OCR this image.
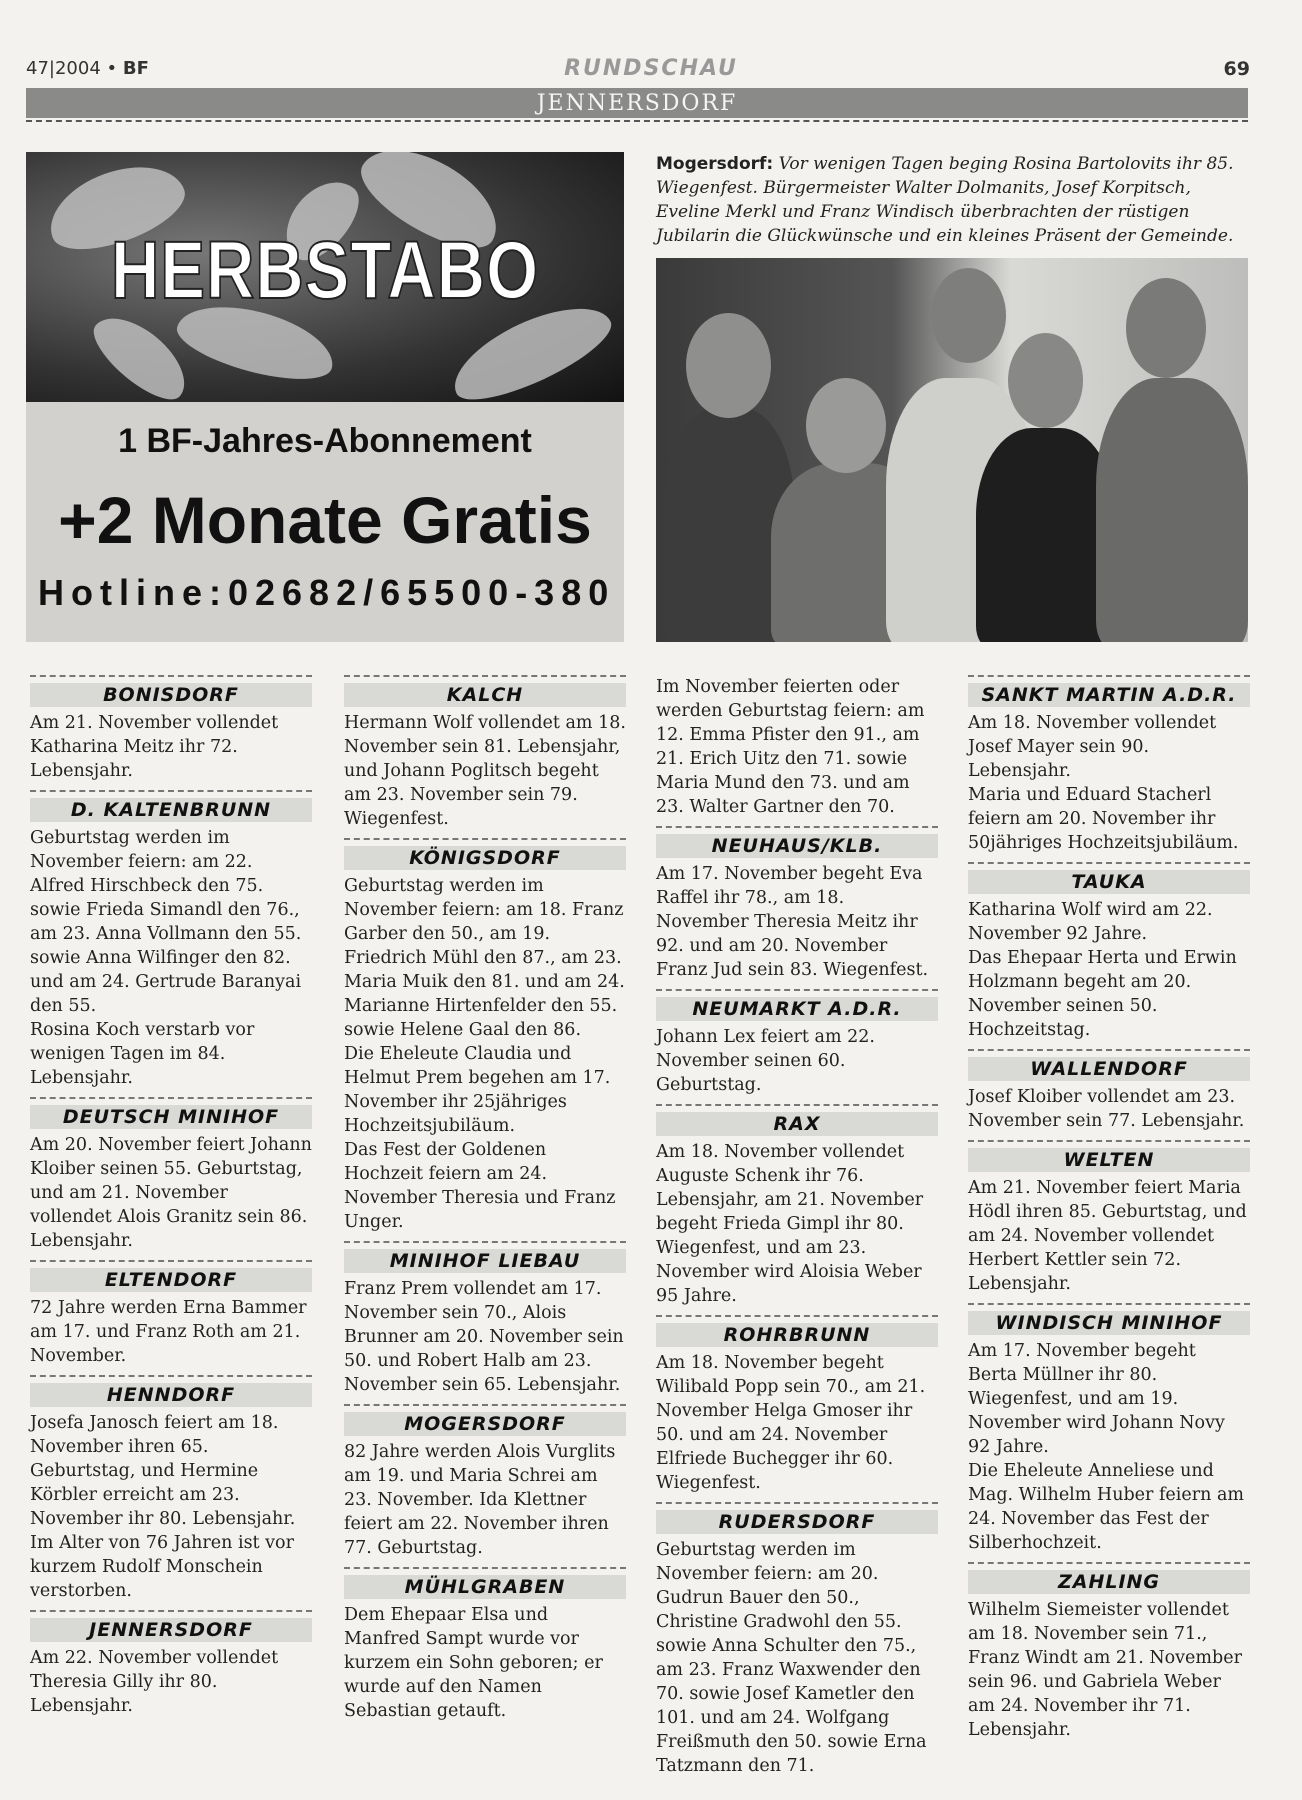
47|2004 • BF	RUNDSCHAU	69
JENNERSDORF
HERBSTABO
1 BF-Jahres-Abonnement
+2 Monate Gratis
Hotline:02682/65500-380
Mogersdorf: Vor wenigen Tagen beging Rosina Bartolovits ihr 85. Wiegenfest. Bürgermeister Walter Dolmanits, Josef Korpitsch, Eveline Merkl und Franz Windisch überbrachten der rüstigen Jubilarin die Glückwünsche und ein kleines Präsent der Gemeinde.
BONISDORF

Am 21. November vollendet Katharina Meitz ihr 72. Lebensjahr.

D. KALTENBRUNN

Geburtstag werden im November feiern: am 22. Alfred Hirschbeck den 75. sowie Frieda Simandl den 76., am 23. Anna Vollmann den 55. sowie Anna Wilfinger den 82. und am 24. Gertrude Baranyai den 55.

Rosina Koch verstarb vor wenigen Tagen im 84. Lebensjahr.

DEUTSCH MINIHOF

Am 20. November feiert Johann Kloiber seinen 55. Geburtstag, und am 21. November vollendet Alois Granitz sein 86. Lebensjahr.

ELTENDORF

72 Jahre werden Erna Bammer am 17. und Franz Roth am 21. November.

HENNDORF

Josefa Janosch feiert am 18. November ihren 65. Geburtstag, und Hermine Körbler erreicht am 23. November ihr 80. Lebensjahr.

Im Alter von 76 Jahren ist vor kurzem Rudolf Monschein verstorben.

JENNERSDORF

Am 22. November vollendet Theresia Gilly ihr 80. Lebensjahr.

KALCH

Hermann Wolf vollendet am 18. November sein 81. Lebensjahr, und Johann Poglitsch begeht am 23. November sein 79. Wiegenfest.

KÖNIGSDORF

Geburtstag werden im November feiern: am 18. Franz Garber den 50., am 19. Friedrich Mühl den 87., am 23. Maria Muik den 81. und am 24. Marianne Hirtenfelder den 55. sowie Helene Gaal den 86.

Die Eheleute Claudia und Helmut Prem begehen am 17. November ihr 25jähriges Hochzeitsjubiläum.

Das Fest der Goldenen Hochzeit feiern am 24. November Theresia und Franz Unger.

MINIHOF LIEBAU

Franz Prem vollendet am 17. November sein 70., Alois Brunner am 20. November sein 50. und Robert Halb am 23. November sein 65. Lebensjahr.

MOGERSDORF

82 Jahre werden Alois Vurglits am 19. und Maria Schrei am 23. November. Ida Klettner feiert am 22. November ihren 77. Geburtstag.

MÜHLGRABEN

Dem Ehepaar Elsa und Manfred Sampt wurde vor kurzem ein Sohn geboren; er wurde auf den Namen Sebastian getauft.

Im November feierten oder werden Geburtstag feiern: am 12. Emma Pfister den 91., am 21. Erich Uitz den 71. sowie Maria Mund den 73. und am 23. Walter Gartner den 70.

NEUHAUS/KLB.

Am 17. November begeht Eva Raffel ihr 78., am 18. November Theresia Meitz ihr 92. und am 20. November Franz Jud sein 83. Wiegenfest.

NEUMARKT A.D.R.

Johann Lex feiert am 22. November seinen 60. Geburtstag.

RAX

Am 18. November vollendet Auguste Schenk ihr 76. Lebensjahr, am 21. November begeht Frieda Gimpl ihr 80. Wiegenfest, und am 23. November wird Aloisia Weber 95 Jahre.

ROHRBRUNN

Am 18. November begeht Wilibald Popp sein 70., am 21. November Helga Gmoser ihr 50. und am 24. November Elfriede Buchegger ihr 60. Wiegenfest.

RUDERSDORF

Geburtstag werden im November feiern: am 20. Gudrun Bauer den 50., Christine Gradwohl den 55. sowie Anna Schulter den 75., am 23. Franz Waxwender den 70. sowie Josef Kametler den 101. und am 24. Wolfgang Freißmuth den 50. sowie Erna Tatzmann den 71.

SANKT MARTIN A.D.R.

Am 18. November vollendet Josef Mayer sein 90. Lebensjahr.

Maria und Eduard Stacherl feiern am 20. November ihr 50jähriges Hochzeitsjubiläum.

TAUKA

Katharina Wolf wird am 22. November 92 Jahre.

Das Ehepaar Herta und Erwin Holzmann begeht am 20. November seinen 50. Hochzeitstag.

WALLENDORF

Josef Kloiber vollendet am 23. November sein 77. Lebensjahr.

WELTEN

Am 21. November feiert Maria Hödl ihren 85. Geburtstag, und am 24. November vollendet Herbert Kettler sein 72. Lebensjahr.

WINDISCH MINIHOF

Am 17. November begeht Berta Müllner ihr 80. Wiegenfest, und am 19. November wird Johann Novy 92 Jahre.

Die Eheleute Anneliese und Mag. Wilhelm Huber feiern am 24. November das Fest der Silberhochzeit.

ZAHLING

Wilhelm Siemeister vollendet am 18. November sein 71., Franz Windt am 21. November sein 96. und Gabriela Weber am 24. November ihr 71. Lebensjahr.
